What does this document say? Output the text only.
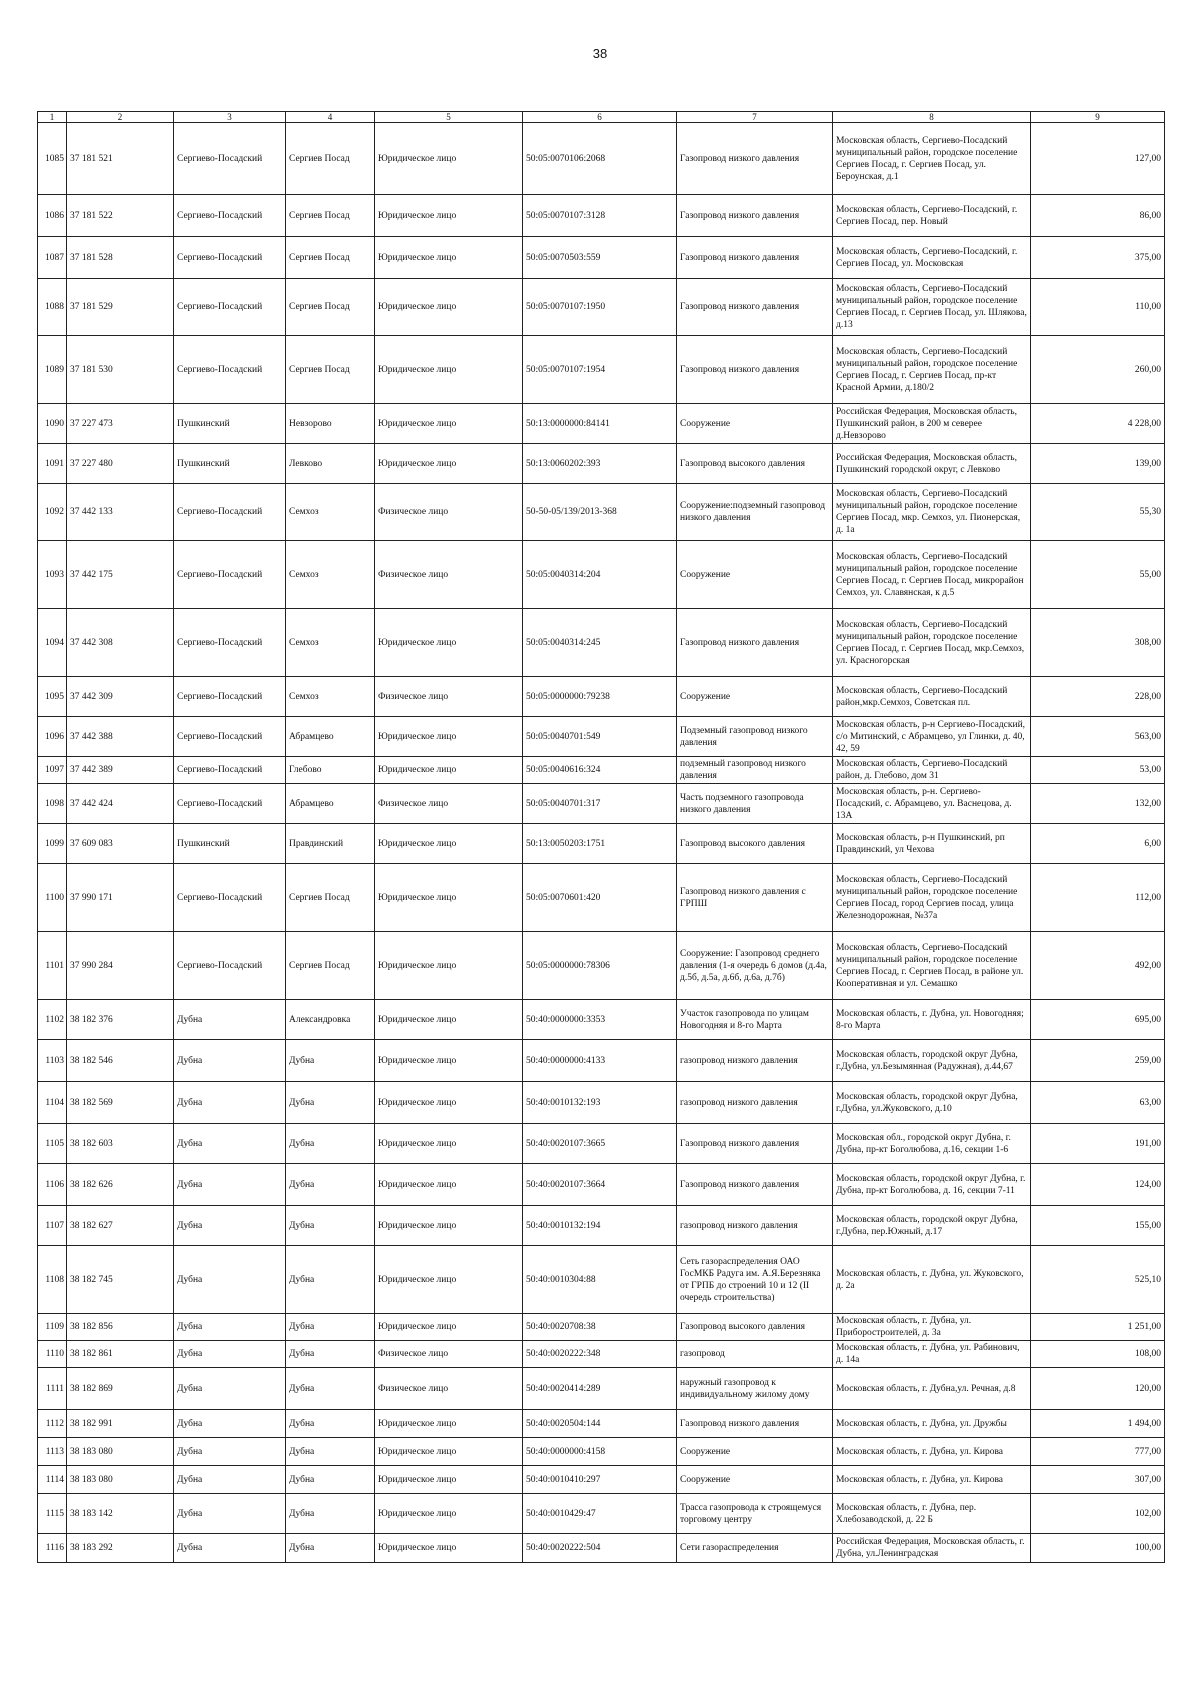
38
1	2	3	4	5	6	7	8	9
1085	37 181 521	Сергиево-Посадский	Сергиев Посад	Юридическое лицо	50:05:0070106:2068	Газопровод низкого давления	Московская область, Сергиево-Посадский муниципальный район, городское поселение Сергиев Посад, г. Сергиев Посад, ул. Бероунская, д.1	127,00
1086	37 181 522	Сергиево-Посадский	Сергиев Посад	Юридическое лицо	50:05:0070107:3128	Газопровод низкого давления	Московская область, Сергиево-Посадский, г. Сергиев Посад, пер. Новый	86,00
1087	37 181 528	Сергиево-Посадский	Сергиев Посад	Юридическое лицо	50:05:0070503:559	Газопровод низкого давления	Московская область, Сергиево-Посадский, г. Сергиев Посад, ул. Московская	375,00
1088	37 181 529	Сергиево-Посадский	Сергиев Посад	Юридическое лицо	50:05:0070107:1950	Газопровод низкого давления	Московская область, Сергиево-Посадский муниципальный район, городское поселение Сергиев Посад, г. Сергиев Посад, ул. Шлякова, д.13	110,00
1089	37 181 530	Сергиево-Посадский	Сергиев Посад	Юридическое лицо	50:05:0070107:1954	Газопровод низкого давления	Московская область, Сергиево-Посадский муниципальный район, городское поселение Сергиев Посад, г. Сергиев Посад, пр-кт Красной Армии, д.180/2	260,00
1090	37 227 473	Пушкинский	Невзорово	Юридическое лицо	50:13:0000000:84141	Сооружение	Российская Федерация, Московская область, Пушкинский район, в 200 м северее д.Невзорово	4 228,00
1091	37 227 480	Пушкинский	Левково	Юридическое лицо	50:13:0060202:393	Газопровод высокого давления	Российская Федерация, Московская область, Пушкинский городской округ, с Левково	139,00
1092	37 442 133	Сергиево-Посадский	Семхоз	Физическое лицо	50-50-05/139/2013-368	Сооружение:подземный газопровод низкого давления	Московская область, Сергиево-Посадский муниципальный район, городское поселение Сергиев Посад, мкр. Семхоз, ул. Пионерская, д. 1а	55,30
1093	37 442 175	Сергиево-Посадский	Семхоз	Физическое лицо	50:05:0040314:204	Сооружение	Московская область, Сергиево-Посадский муниципальный район, городское поселение Сергиев Посад, г. Сергиев Посад, микрорайон Семхоз, ул. Славянская, к д.5	55,00
1094	37 442 308	Сергиево-Посадский	Семхоз	Юридическое лицо	50:05:0040314:245	Газопровод низкого давления	Московская область, Сергиево-Посадский муниципальный район, городское поселение Сергиев Посад, г. Сергиев Посад, мкр.Семхоз, ул. Красногорская	308,00
1095	37 442 309	Сергиево-Посадский	Семхоз	Физическое лицо	50:05:0000000:79238	Сооружение	Московская область, Сергиево-Посадский район,мкр.Семхоз, Советская пл.	228,00
1096	37 442 388	Сергиево-Посадский	Абрамцево	Юридическое лицо	50:05:0040701:549	Подземный газопровод низкого давления	Московская область, р-н Сергиево-Посадский, с/о Митинский, с Абрамцево, ул Глинки, д. 40, 42, 59	563,00
1097	37 442 389	Сергиево-Посадский	Глебово	Юридическое лицо	50:05:0040616:324	подземный газопровод низкого давления	Московская область, Сергиево-Посадский район, д. Глебово, дом 31	53,00
1098	37 442 424	Сергиево-Посадский	Абрамцево	Физическое лицо	50:05:0040701:317	Часть подземного газопровода низкого давления	Московская область, р-н. Сергиево-Посадский, с. Абрамцево, ул. Васнецова, д. 13А	132,00
1099	37 609 083	Пушкинский	Правдинский	Юридическое лицо	50:13:0050203:1751	Газопровод высокого давления	Московская область, р-н Пушкинский, рп Правдинский, ул Чехова	6,00
1100	37 990 171	Сергиево-Посадский	Сергиев Посад	Юридическое лицо	50:05:0070601:420	Газопровод низкого давления с ГРПШ	Московская область, Сергиево-Посадский муниципальный район, городское поселение Сергиев Посад, город Сергиев посад, улица Железнодорожная, №37а	112,00
1101	37 990 284	Сергиево-Посадский	Сергиев Посад	Юридическое лицо	50:05:0000000:78306	Сооружение: Газопровод среднего давления (1-я очередь 6 домов (д.4а, д.5б, д.5а, д.6б, д.6а, д.7б)	Московская область, Сергиево-Посадский муниципальный район, городское поселение Сергиев Посад, г. Сергиев Посад, в районе ул. Кооперативная и ул. Семашко	492,00
1102	38 182 376	Дубна	Александровка	Юридическое лицо	50:40:0000000:3353	Участок газопровода по улицам Новогодняя и 8-го Марта	Московская область, г. Дубна, ул. Новогодняя; 8-го Марта	695,00
1103	38 182 546	Дубна	Дубна	Юридическое лицо	50:40:0000000:4133	газопровод низкого давления	Московская область, городской округ Дубна, г.Дубна, ул.Безымянная (Радужная), д.44,67	259,00
1104	38 182 569	Дубна	Дубна	Юридическое лицо	50:40:0010132:193	газопровод низкого давления	Московская область, городской округ Дубна, г.Дубна, ул.Жуковского, д.10	63,00
1105	38 182 603	Дубна	Дубна	Юридическое лицо	50:40:0020107:3665	Газопровод низкого давления	Московская обл., городской округ Дубна, г. Дубна, пр-кт Боголюбова, д.16, секции 1-6	191,00
1106	38 182 626	Дубна	Дубна	Юридическое лицо	50:40:0020107:3664	Газопровод низкого давления	Московская область, городской округ Дубна, г. Дубна, пр-кт Боголюбова, д. 16, секции 7-11	124,00
1107	38 182 627	Дубна	Дубна	Юридическое лицо	50:40:0010132:194	газопровод низкого давления	Московская область, городской округ Дубна, г.Дубна, пер.Южный, д.17	155,00
1108	38 182 745	Дубна	Дубна	Юридическое лицо	50:40:0010304:88	Сеть газораспределения ОАО ГосМКБ Радуга им. А.Я.Березняка от ГРПБ до строений 10 и 12 (II очередь строительства)	Московская область, г. Дубна, ул. Жуковского, д. 2а	525,10
1109	38 182 856	Дубна	Дубна	Юридическое лицо	50:40:0020708:38	Газопровод высокого давления	Московская область, г. Дубна, ул. Приборостроителей, д. 3а	1 251,00
1110	38 182 861	Дубна	Дубна	Физическое лицо	50:40:0020222:348	газопровод	Московская область, г. Дубна, ул. Рабинович, д. 14а	108,00
1111	38 182 869	Дубна	Дубна	Физическое лицо	50:40:0020414:289	наружный газопровод к индивидуальному жилому дому	Московская область, г. Дубна,ул. Речная, д.8	120,00
1112	38 182 991	Дубна	Дубна	Юридическое лицо	50:40:0020504:144	Газопровод низкого давления	Московская область, г. Дубна, ул. Дружбы	1 494,00
1113	38 183 080	Дубна	Дубна	Юридическое лицо	50:40:0000000:4158	Сооружение	Московская область, г. Дубна, ул. Кирова	777,00
1114	38 183 080	Дубна	Дубна	Юридическое лицо	50:40:0010410:297	Сооружение	Московская область, г. Дубна, ул. Кирова	307,00
1115	38 183 142	Дубна	Дубна	Юридическое лицо	50:40:0010429:47	Трасса газопровода к строящемуся торговому центру	Московская область, г. Дубна, пер. Хлебозаводской, д. 22 Б	102,00
1116	38 183 292	Дубна	Дубна	Юридическое лицо	50:40:0020222:504	Сети газораспределения	Российская Федерация, Московская область, г. Дубна, ул.Ленинградская	100,00
